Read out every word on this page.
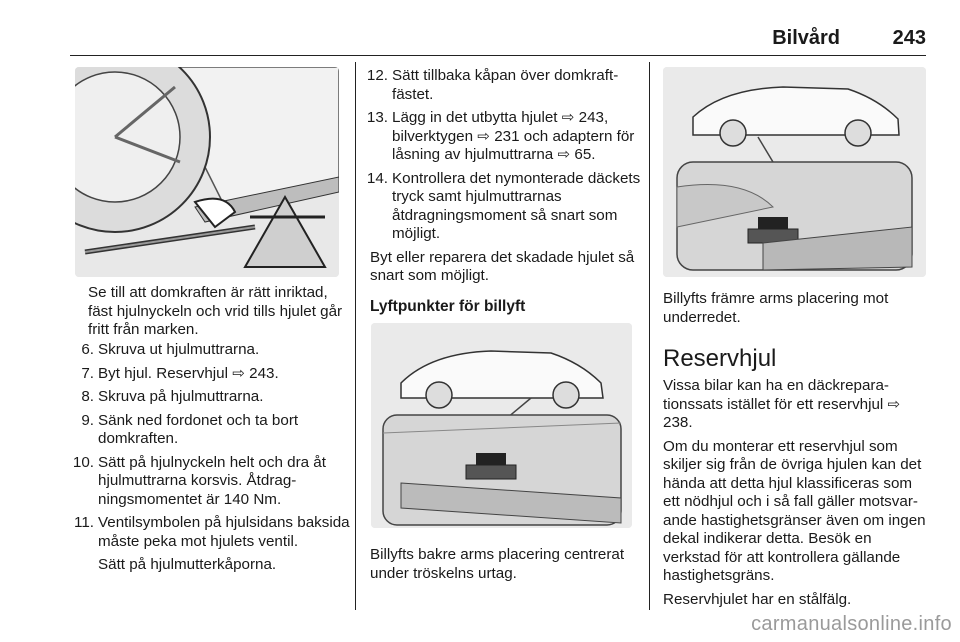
Bilvård	243

Se till att domkraften är rätt inriktad, fäst hjulnyckeln och vrid tills hjulet går fritt från marken.

6. Skruva ut hjulmuttrarna.
7. Byt hjul. Reservhjul ⇨ 243.
8. Skruva på hjulmuttrarna.
9. Sänk ned fordonet och ta bort domkraften.
10. Sätt på hjulnyckeln helt och dra åt hjulmuttrarna korsvis. Åtdragningsmomentet är 140 Nm.
11. Ventilsymbolen på hjulsidans baksida måste peka mot hjulets ventil.

Sätt på hjulmutterkåporna.

12. Sätt tillbaka kåpan över domkraftfästet.
13. Lägg in det utbytta hjulet ⇨ 243, bilverktygen ⇨ 231 och adaptern för låsning av hjulmuttrarna ⇨ 65.
14. Kontrollera det nymonterade däckets tryck samt hjulmuttrarnas åtdragningsmoment så snart som möjligt.

Byt eller reparera det skadade hjulet så snart som möjligt.

Lyftpunkter för billyft

Billyfts bakre arms placering centrerat under tröskelns urtag.

Billyfts främre arms placering mot underredet.

Reservhjul

Vissa bilar kan ha en däckreparationssats istället för ett reservhjul ⇨ 238.

Om du monterar ett reservhjul som skiljer sig från de övriga hjulen kan det hända att detta hjul klassificeras som ett nödhjul och i så fall gäller motsvarande hastighetsgränser även om ingen dekal indikerar detta. Besök en verkstad för att kontrollera gällande hastighetsgräns.

Reservhjulet har en stålfälg.

carmanualsonline.info
